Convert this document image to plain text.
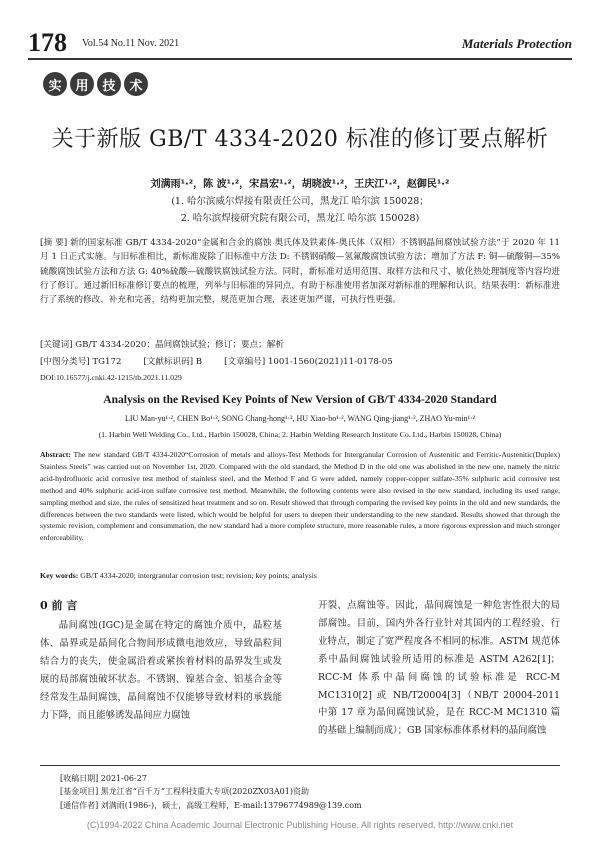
178 Vol.54 No.11 Nov. 2021	Materials Protection
实	用	技	术
关于新版 GB/T 4334-2020 标准的修订要点解析
刘满雨¹·²，陈 波¹·²，宋昌宏¹·²，胡晓波¹·²，王庆江¹·²，赵御民¹·²
(1. 哈尔滨威尔焊接有限责任公司，黑龙江 哈尔滨 150028；
2. 哈尔滨焊接研究院有限公司，黑龙江 哈尔滨 150028)

[摘 要] 新的国家标准 GB/T 4334-2020“金属和合金的腐蚀 奥氏体及铁素体-奥氏体（双相）不锈钢晶间腐蚀试验方法”于 2020 年 11 月 1 日正式实施。与旧标准相比，新标准废除了旧标准中方法 D: 不锈钢硝酸—氢氟酸腐蚀试验方法；增加了方法 F: 铜—硫酸铜—35%硫酸腐蚀试验方法和方法 G: 40%硫酸—硫酸铁腐蚀试验方法。同时，新标准对适用范围、取样方法和尺寸、敏化热处理制度等内容均进行了修订。通过新旧标准修订要点的梳理，列举与旧标准的异同点，有助于标准使用者加深对新标准的理解和认识。结果表明：新标准进行了系统的修改、补充和完善，结构更加完整，规范更加合理，表述更加严谨，可执行性更强。

[关键词] GB/T 4334-2020；晶间腐蚀试验；修订；要点；解析
[中图分类号] TG172	[文献标识码] B	[文章编号] 1001-1560(2021)11-0178-05
DOI:10.16577/j.cnki.42-1215/tb.2021.11.029
Analysis on the Revised Key Points of New Version of GB/T 4334-2020 Standard
LIU Man-yu¹·², CHEN Bo¹·², SONG Chang-hong¹·², HU Xiao-bo¹·², WANG Qing-jiang¹·², ZHAO Yu-min¹·²
(1. Harbin Well Welding Co., Ltd., Harbin 150028, China; 2. Harbin Welding Research Institute Co. Ltd., Harbin 150028, China)

Abstract: The new standard GB/T 4334-2020“Corrosion of metals and alloys-Test Methods for Intergranular Corrosion of Austenitic and Ferritic-Austenitic(Duplex) Stainless Steels” was carried out on November 1st, 2020. Compared with the old standard, the Method D in the old one was abolished in the new one, namely the nitric acid-hydrofluoric acid corrosive test method of stainless steel, and the Method F and G were added, namely copper-copper sulfate-35% sulphuric acid corrosive test method and 40% sulphuric acid-iron sulfate corrosive test method. Meanwhile, the following contents were also revised in the new standard, including its used range, sampling method and size, the rules of sensitized heat treatment and so on. Result showed that through comparing the revised key points in the old and new standards, the differences between the two standards were listed, which would be helpful for users to deepen their understanding to the new standard. Results showed that through the systemic revision, complement and consummation, the new standard had a more complete structure, more reasonable rules, a more rigorous expression and much stronger enforceability.

Key words: GB/T 4334-2020; intergranular corrosion test; revision; key points; analysis
0 前 言

晶间腐蚀(IGC)是金属在特定的腐蚀介质中，晶粒基体、晶界或是晶间化合物间形成微电池效应，导致晶粒间结合力的丧失，使金属沿着或紧挨着材料的晶界发生或发展的局部腐蚀破坏状态。不锈钢、镍基合金、铝基合金等经常发生晶间腐蚀，晶间腐蚀不仅能够导致材料的承载能力下降，而且能够诱发晶间应力腐蚀

开裂、点腐蚀等。因此，晶间腐蚀是一种危害性很大的局部腐蚀。目前，国内外各行业针对其国内的工程经验、行业特点，制定了宽严程度各不相同的标准。ASTM 规范体系中晶间腐蚀试验所适用的标准是 ASTM A262[1]；RCC-M 体系中晶间腐蚀的试验标准是 RCC-M MC1310[2] 或 NB/T20004[3]（NB/T 20004-2011 中第 17 章为晶间腐蚀试验，是在 RCC-M MC1310 篇的基础上编制而成）；GB 国家标准体系材料的晶间腐蚀

[收稿日期] 2021-06-27
[基金项目] 黑龙江省“百千万”工程科技重大专项(2020ZX03A01)资助
[通信作者] 刘满雨(1986-)，硕士，高级工程师，E-mail:13796774989@139.com
(C)1994-2022 China Academic Journal Electronic Publishing House. All rights reserved. http://www.cnki.net
